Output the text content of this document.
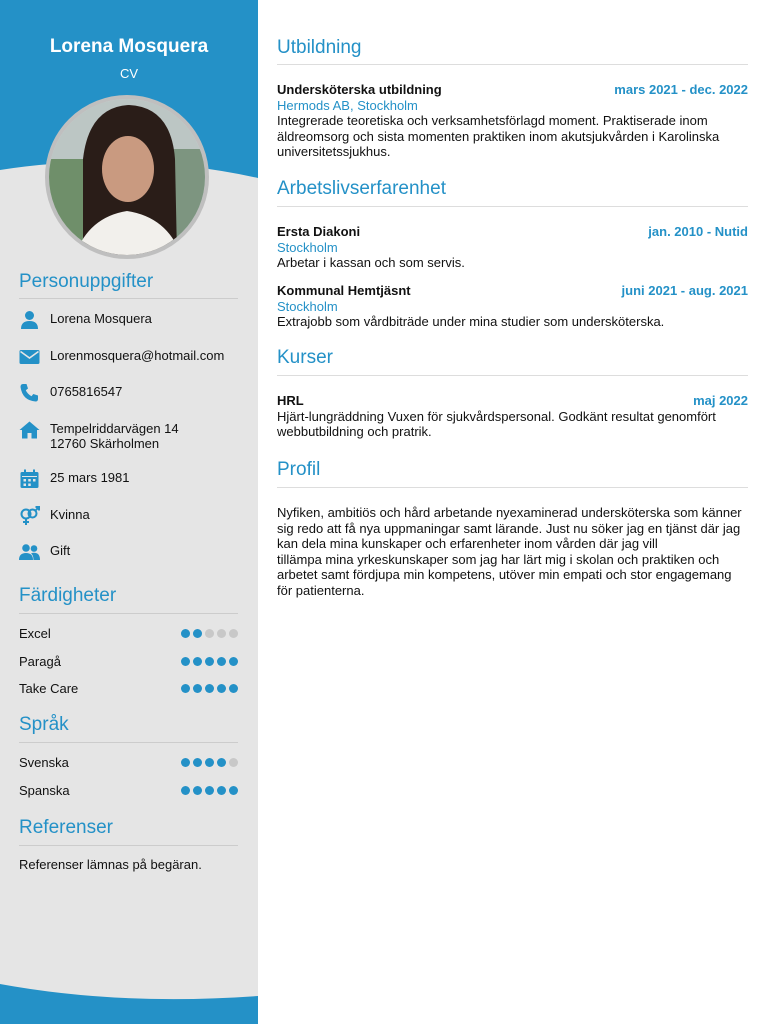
Lorena Mosquera
CV
Personuppgifter
Lorena Mosquera
Lorenmosquera@hotmail.com
0765816547
Tempelriddarvägen 14
12760 Skärholmen
25 mars 1981
Kvinna
Gift
Färdigheter
Excel
Paragå
Take Care
Språk
Svenska
Spanska
Referenser
Referenser lämnas på begäran.
Utbildning
Undersköterska utbildning	mars 2021 - dec. 2022
Hermods AB, Stockholm
Integrerade teoretiska och verksamhetsförlagd moment. Praktiserade inom äldreomsorg och sista momenten praktiken inom akutsjukvården i Karolinska universitetssjukhus.
Arbetslivserfarenhet
Ersta Diakoni	jan. 2010 - Nutid
Stockholm
Arbetar i kassan och som servis.
Kommunal Hemtjäsnt	juni 2021 - aug. 2021
Stockholm
Extrajobb som vårdbiträde under mina studier som undersköterska.
Kurser
HRL	maj 2022
Hjärt-lungräddning Vuxen för sjukvårdspersonal. Godkänt resultat genomfört webbutbildning och pratrik.
Profil
Nyfiken, ambitiös och hård arbetande nyexaminerad undersköterska som känner sig redo att få nya uppmaningar samt lärande. Just nu söker jag en tjänst där jag kan dela mina kunskaper och erfarenheter inom vården där jag vill
tillämpa mina yrkeskunskaper som jag har lärt mig i skolan och praktiken och arbetet samt fördjupa min kompetens, utöver min empati och stor engagemang för patienterna.
